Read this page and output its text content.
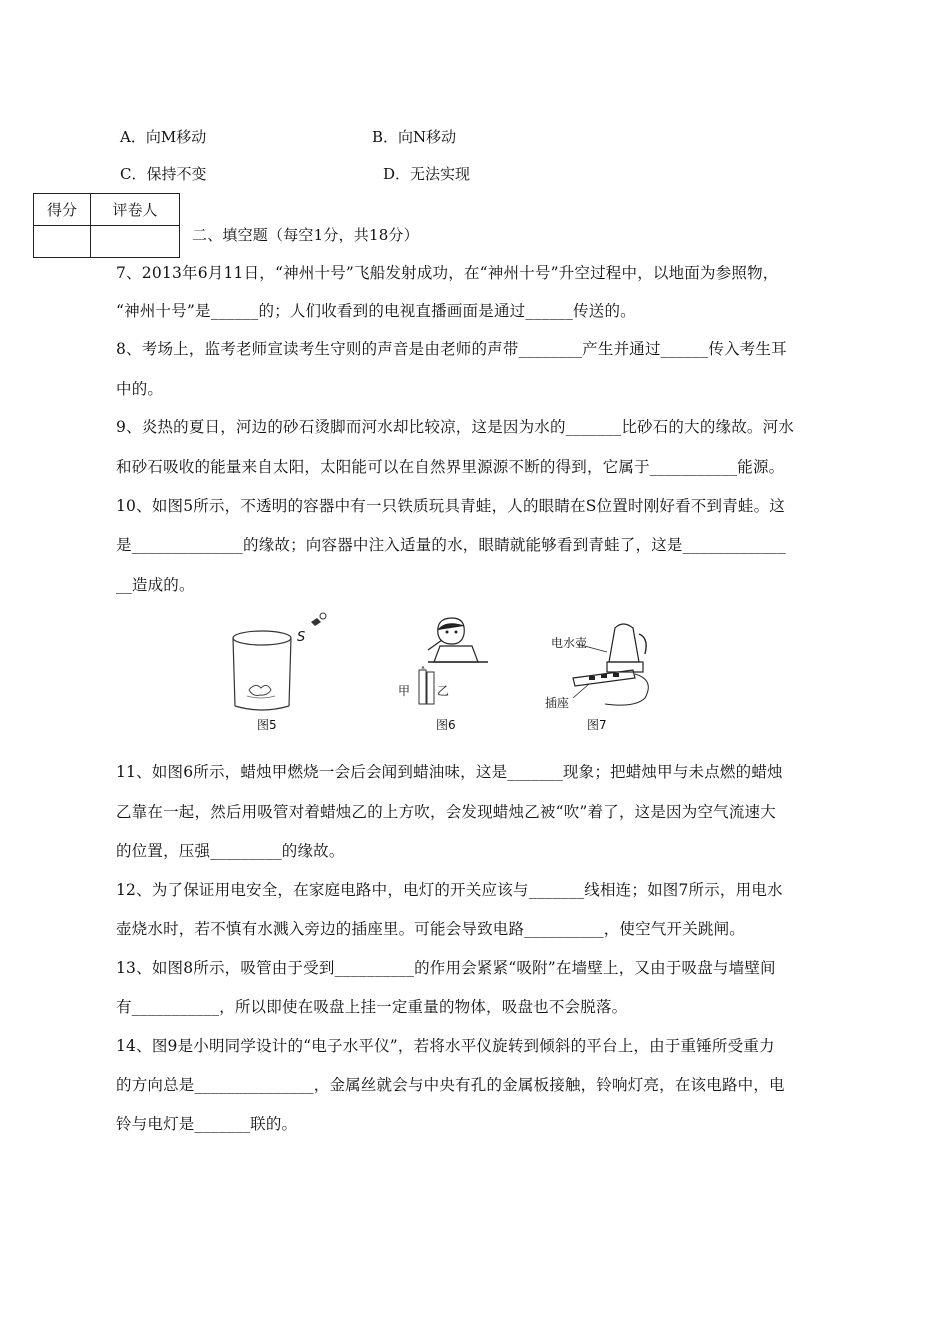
A．向M移动	B．向N移动
C．保持不变	D．无法实现
得分	评卷人

二、填空题（每空1分，共18分）
7、2013年6月11日，“神州十号”飞船发射成功，在“神州十号”升空过程中，以地面为参照物，
“神州十号”是______的；人们收看到的电视直播画面是通过______传送的。
8、考场上，监考老师宣读考生守则的声音是由老师的声带________产生并通过______传入考生耳
中的。
9、炎热的夏日，河边的砂石烫脚而河水却比较凉，这是因为水的_______比砂石的大的缘故。河水
和砂石吸收的能量来自太阳，太阳能可以在自然界里源源不断的得到，它属于___________能源。
10、如图5所示，不透明的容器中有一只铁质玩具青蛙，人的眼睛在S位置时刚好看不到青蛙。这
是______________的缘故；向容器中注入适量的水，眼睛就能够看到青蛙了，这是_____________
__造成的。
S
图5
甲 乙
图6
电水壶
插座
图7
11、如图6所示，蜡烛甲燃烧一会后会闻到蜡油味，这是_______现象；把蜡烛甲与未点燃的蜡烛
乙靠在一起，然后用吸管对着蜡烛乙的上方吹，会发现蜡烛乙被“吹”着了，这是因为空气流速大
的位置，压强_________的缘故。
12、为了保证用电安全，在家庭电路中，电灯的开关应该与_______线相连；如图7所示，用电水
壶烧水时，若不慎有水溅入旁边的插座里。可能会导致电路__________，使空气开关跳闸。
13、如图8所示，吸管由于受到__________的作用会紧紧“吸附”在墙壁上，又由于吸盘与墙壁间
有___________，所以即使在吸盘上挂一定重量的物体，吸盘也不会脱落。
14、图9是小明同学设计的“电子水平仪”，若将水平仪旋转到倾斜的平台上，由于重锤所受重力
的方向总是_______________，金属丝就会与中央有孔的金属板接触，铃响灯亮，在该电路中，电
铃与电灯是_______联的。
